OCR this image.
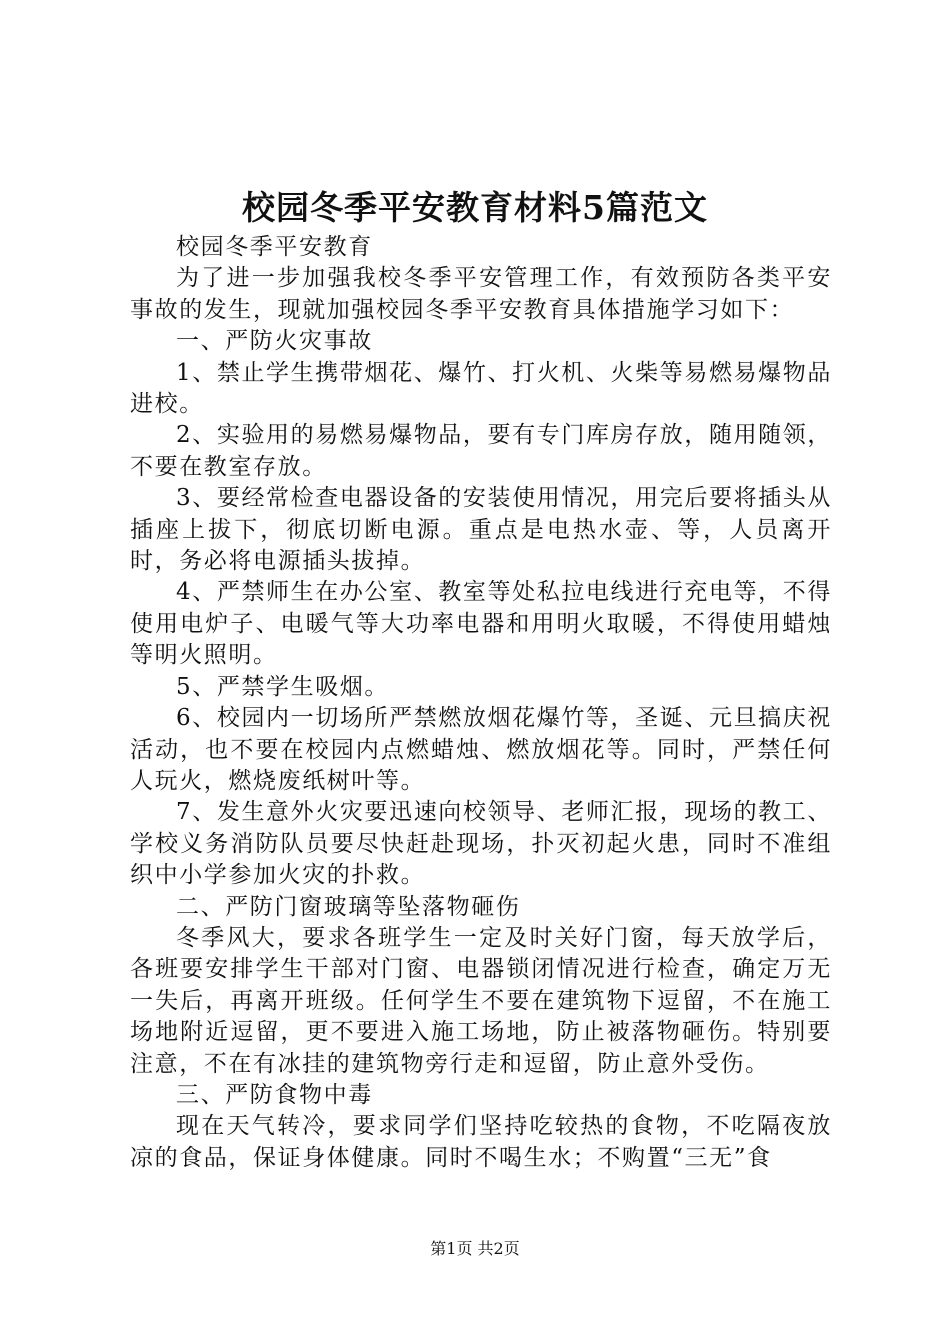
校园冬季平安教育材料5篇范文

校园冬季平安教育

为了进一步加强我校冬季平安管理工作，有效预防各类平安事故的发生，现就加强校园冬季平安教育具体措施学习如下：

一、严防火灾事故

1、禁止学生携带烟花、爆竹、打火机、火柴等易燃易爆物品进校。

2、实验用的易燃易爆物品，要有专门库房存放，随用随领，不要在教室存放。

3、要经常检查电器设备的安装使用情况，用完后要将插头从插座上拔下，彻底切断电源。重点是电热水壶、等，人员离开时，务必将电源插头拔掉。

4、严禁师生在办公室、教室等处私拉电线进行充电等，不得使用电炉子、电暖气等大功率电器和用明火取暖，不得使用蜡烛等明火照明。

5、严禁学生吸烟。

6、校园内一切场所严禁燃放烟花爆竹等，圣诞、元旦搞庆祝活动，也不要在校园内点燃蜡烛、燃放烟花等。同时，严禁任何人玩火，燃烧废纸树叶等。

7、发生意外火灾要迅速向校领导、老师汇报，现场的教工、学校义务消防队员要尽快赶赴现场，扑灭初起火患，同时不准组织中小学参加火灾的扑救。

二、严防门窗玻璃等坠落物砸伤

冬季风大，要求各班学生一定及时关好门窗，每天放学后，各班要安排学生干部对门窗、电器锁闭情况进行检查，确定万无一失后，再离开班级。任何学生不要在建筑物下逗留，不在施工场地附近逗留，更不要进入施工场地，防止被落物砸伤。特别要注意，不在有冰挂的建筑物旁行走和逗留，防止意外受伤。

三、严防食物中毒

现在天气转冷，要求同学们坚持吃较热的食物，不吃隔夜放凉的食品，保证身体健康。同时不喝生水；不购置“三无”食

第1页 共2页
